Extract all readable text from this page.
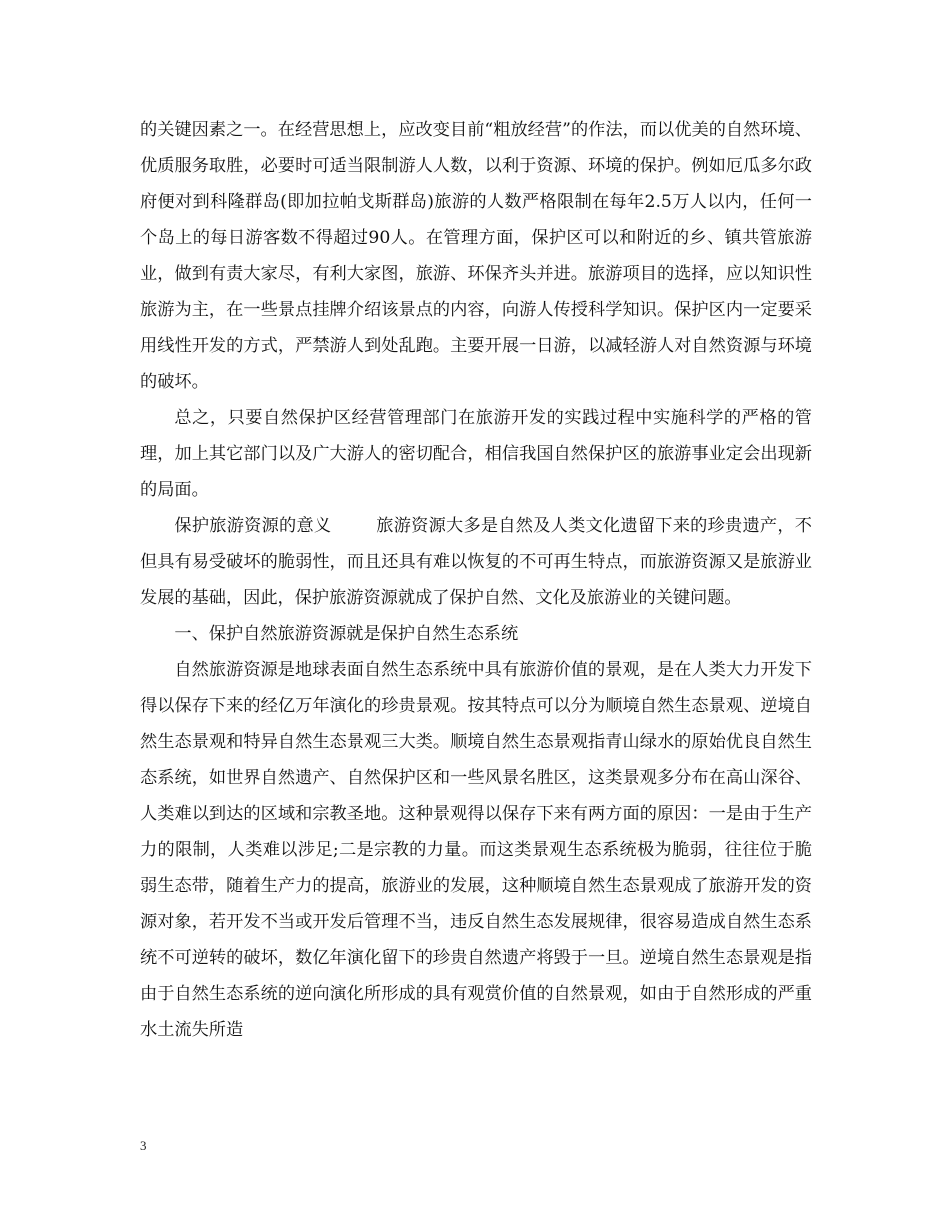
的关键因素之一。在经营思想上，应改变目前“粗放经营”的作法，而以优美的自然环境、优质服务取胜，必要时可适当限制游人人数，以利于资源、环境的保护。例如厄瓜多尔政府便对到科隆群岛(即加拉帕戈斯群岛)旅游的人数严格限制在每年2.5万人以内，任何一个岛上的每日游客数不得超过90人。在管理方面，保护区可以和附近的乡、镇共管旅游业，做到有责大家尽，有利大家图，旅游、环保齐头并进。旅游项目的选择，应以知识性旅游为主，在一些景点挂牌介绍该景点的内容，向游人传授科学知识。保护区内一定要采用线性开发的方式，严禁游人到处乱跑。主要开展一日游，以减轻游人对自然资源与环境的破坏。

总之，只要自然保护区经营管理部门在旅游开发的实践过程中实施科学的严格的管理，加上其它部门以及广大游人的密切配合，相信我国自然保护区的旅游事业定会出现新的局面。

保护旅游资源的意义	旅游资源大多是自然及人类文化遗留下来的珍贵遗产，不但具有易受破坏的脆弱性，而且还具有难以恢复的不可再生特点，而旅游资源又是旅游业发展的基础，因此，保护旅游资源就成了保护自然、文化及旅游业的关键问题。

一、保护自然旅游资源就是保护自然生态系统

自然旅游资源是地球表面自然生态系统中具有旅游价值的景观，是在人类大力开发下得以保存下来的经亿万年演化的珍贵景观。按其特点可以分为顺境自然生态景观、逆境自然生态景观和特异自然生态景观三大类。顺境自然生态景观指青山绿水的原始优良自然生态系统，如世界自然遗产、自然保护区和一些风景名胜区，这类景观多分布在高山深谷、人类难以到达的区域和宗教圣地。这种景观得以保存下来有两方面的原因：一是由于生产力的限制，人类难以涉足;二是宗教的力量。而这类景观生态系统极为脆弱，往往位于脆弱生态带，随着生产力的提高，旅游业的发展，这种顺境自然生态景观成了旅游开发的资源对象，若开发不当或开发后管理不当，违反自然生态发展规律，很容易造成自然生态系统不可逆转的破坏，数亿年演化留下的珍贵自然遗产将毁于一旦。逆境自然生态景观是指由于自然生态系统的逆向演化所形成的具有观赏价值的自然景观，如由于自然形成的严重水土流失所造

3
